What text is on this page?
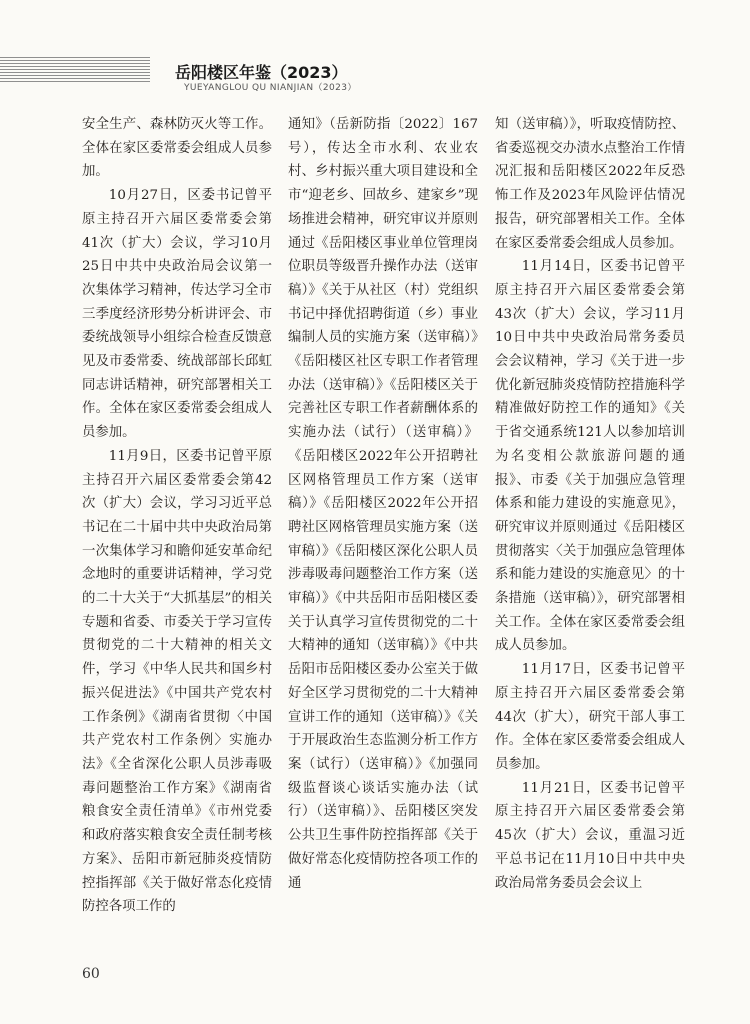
岳阳楼区年鉴（2023）
YUEYANGLOU QU NIANJIAN（2023）

安全生产、森林防灭火等工作。全体在家区委常委会组成人员参加。

10月27日，区委书记曾平原主持召开六届区委常委会第41次（扩大）会议，学习10月25日中共中央政治局会议第一次集体学习精神，传达学习全市三季度经济形势分析讲评会、市委统战领导小组综合检查反馈意见及市委常委、统战部部长邱虹同志讲话精神，研究部署相关工作。全体在家区委常委会组成人员参加。

11月9日，区委书记曾平原主持召开六届区委常委会第42次（扩大）会议，学习习近平总书记在二十届中共中央政治局第一次集体学习和瞻仰延安革命纪念地时的重要讲话精神，学习党的二十大关于“大抓基层”的相关专题和省委、市委关于学习宣传贯彻党的二十大精神的相关文件，学习《中华人民共和国乡村振兴促进法》《中国共产党农村工作条例》《湖南省贯彻〈中国共产党农村工作条例〉实施办法》《全省深化公职人员涉毒吸毒问题整治工作方案》《湖南省粮食安全责任清单》《市州党委和政府落实粮食安全责任制考核方案》、岳阳市新冠肺炎疫情防控指挥部《关于做好常态化疫情防控各项工作的

通知》（岳新防指〔2022〕167号），传达全市水利、农业农村、乡村振兴重大项目建设和全市“迎老乡、回故乡、建家乡”现场推进会精神，研究审议并原则通过《岳阳楼区事业单位管理岗位职员等级晋升操作办法（送审稿）》《关于从社区（村）党组织书记中择优招聘街道（乡）事业编制人员的实施方案（送审稿）》《岳阳楼区社区专职工作者管理办法（送审稿）》《岳阳楼区关于完善社区专职工作者薪酬体系的实施办法（试行）（送审稿）》《岳阳楼区2022年公开招聘社区网格管理员工作方案（送审稿）》《岳阳楼区2022年公开招聘社区网格管理员实施方案（送审稿）》《岳阳楼区深化公职人员涉毒吸毒问题整治工作方案（送审稿）》《中共岳阳市岳阳楼区委关于认真学习宣传贯彻党的二十大精神的通知（送审稿）》《中共岳阳市岳阳楼区委办公室关于做好全区学习贯彻党的二十大精神宣讲工作的通知（送审稿）》《关于开展政治生态监测分析工作方案（试行）（送审稿）》《加强同级监督谈心谈话实施办法（试行）（送审稿）》、岳阳楼区突发公共卫生事件防控指挥部《关于做好常态化疫情防控各项工作的通

知（送审稿）》，听取疫情防控、省委巡视交办渍水点整治工作情况汇报和岳阳楼区2022年反恐怖工作及2023年风险评估情况报告，研究部署相关工作。全体在家区委常委会组成人员参加。

11月14日，区委书记曾平原主持召开六届区委常委会第43次（扩大）会议，学习11月10日中共中央政治局常务委员会会议精神，学习《关于进一步优化新冠肺炎疫情防控措施科学精准做好防控工作的通知》《关于省交通系统121人以参加培训为名变相公款旅游问题的通报》、市委《关于加强应急管理体系和能力建设的实施意见》，研究审议并原则通过《岳阳楼区贯彻落实〈关于加强应急管理体系和能力建设的实施意见〉的十条措施（送审稿）》，研究部署相关工作。全体在家区委常委会组成人员参加。

11月17日，区委书记曾平原主持召开六届区委常委会第44次（扩大），研究干部人事工作。全体在家区委常委会组成人员参加。

11月21日，区委书记曾平原主持召开六届区委常委会第45次（扩大）会议，重温习近平总书记在11月10日中共中央政治局常务委员会会议上

60
